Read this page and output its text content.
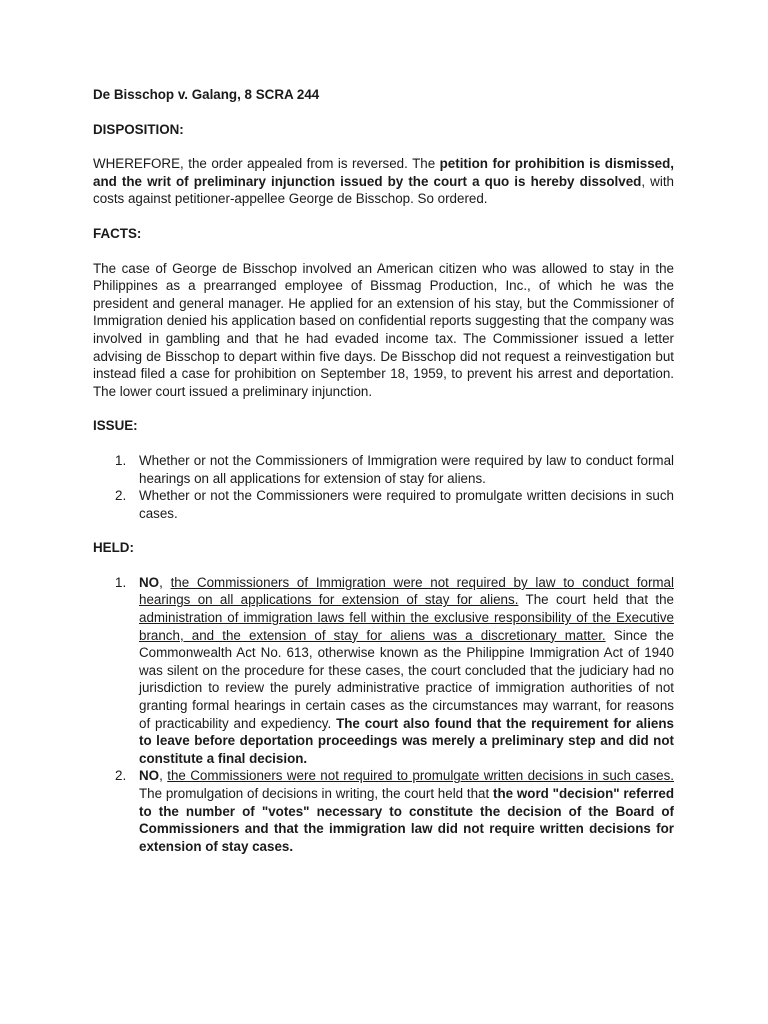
De Bisschop v. Galang, 8 SCRA 244

DISPOSITION:

WHEREFORE, the order appealed from is reversed. The petition for prohibition is dismissed, and the writ of preliminary injunction issued by the court a quo is hereby dissolved, with costs against petitioner-appellee George de Bisschop. So ordered.

FACTS:

The case of George de Bisschop involved an American citizen who was allowed to stay in the Philippines as a prearranged employee of Bissmag Production, Inc., of which he was the president and general manager. He applied for an extension of his stay, but the Commissioner of Immigration denied his application based on confidential reports suggesting that the company was involved in gambling and that he had evaded income tax. The Commissioner issued a letter advising de Bisschop to depart within five days. De Bisschop did not request a reinvestigation but instead filed a case for prohibition on September 18, 1959, to prevent his arrest and deportation. The lower court issued a preliminary injunction.

ISSUE:

1. Whether or not the Commissioners of Immigration were required by law to conduct formal hearings on all applications for extension of stay for aliens.
2. Whether or not the Commissioners were required to promulgate written decisions in such cases.

HELD:

1. NO, the Commissioners of Immigration were not required by law to conduct formal hearings on all applications for extension of stay for aliens. The court held that the administration of immigration laws fell within the exclusive responsibility of the Executive branch, and the extension of stay for aliens was a discretionary matter. Since the Commonwealth Act No. 613, otherwise known as the Philippine Immigration Act of 1940 was silent on the procedure for these cases, the court concluded that the judiciary had no jurisdiction to review the purely administrative practice of immigration authorities of not granting formal hearings in certain cases as the circumstances may warrant, for reasons of practicability and expediency. The court also found that the requirement for aliens to leave before deportation proceedings was merely a preliminary step and did not constitute a final decision.
2. NO, the Commissioners were not required to promulgate written decisions in such cases. The promulgation of decisions in writing, the court held that the word "decision" referred to the number of "votes" necessary to constitute the decision of the Board of Commissioners and that the immigration law did not require written decisions for extension of stay cases.
